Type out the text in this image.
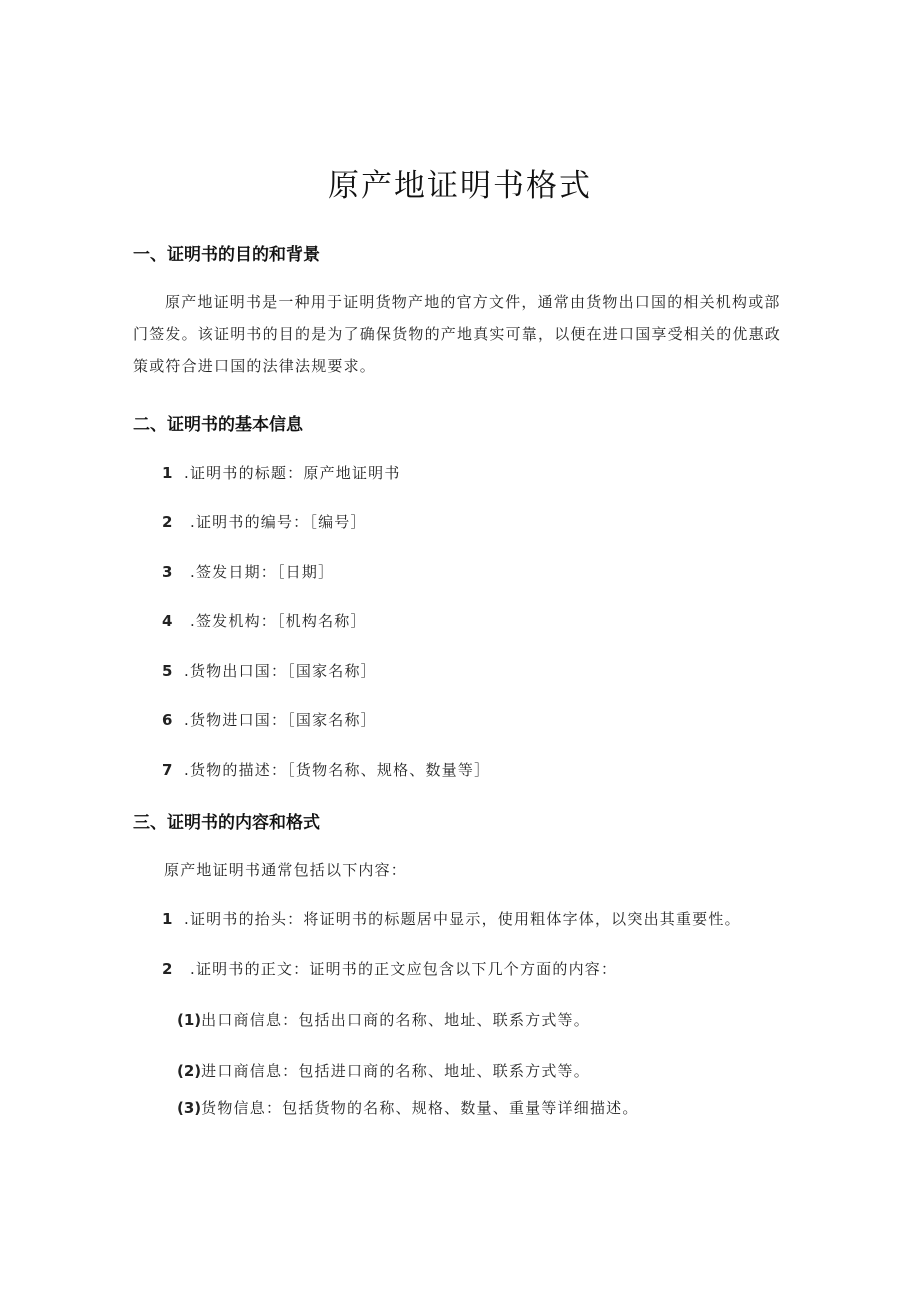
原产地证明书格式
一、证明书的目的和背景

原产地证明书是一种用于证明货物产地的官方文件，通常由货物出口国的相关机构或部门签发。该证明书的目的是为了确保货物的产地真实可靠，以便在进口国享受相关的优惠政策或符合进口国的法律法规要求。

二、证明书的基本信息
1 .证明书的标题：原产地证明书
2 .证明书的编号：［编号］
3 .签发日期：［日期］
4 .签发机构：［机构名称］
5 .货物出口国：［国家名称］
6 .货物进口国：［国家名称］
7 .货物的描述：［货物名称、规格、数量等］
三、证明书的内容和格式
原产地证明书通常包括以下内容：
1 .证明书的抬头：将证明书的标题居中显示，使用粗体字体，以突出其重要性。
2 .证明书的正文：证明书的正文应包含以下几个方面的内容：
(1)出口商信息：包括出口商的名称、地址、联系方式等。
(2)进口商信息：包括进口商的名称、地址、联系方式等。
(3)货物信息：包括货物的名称、规格、数量、重量等详细描述。
